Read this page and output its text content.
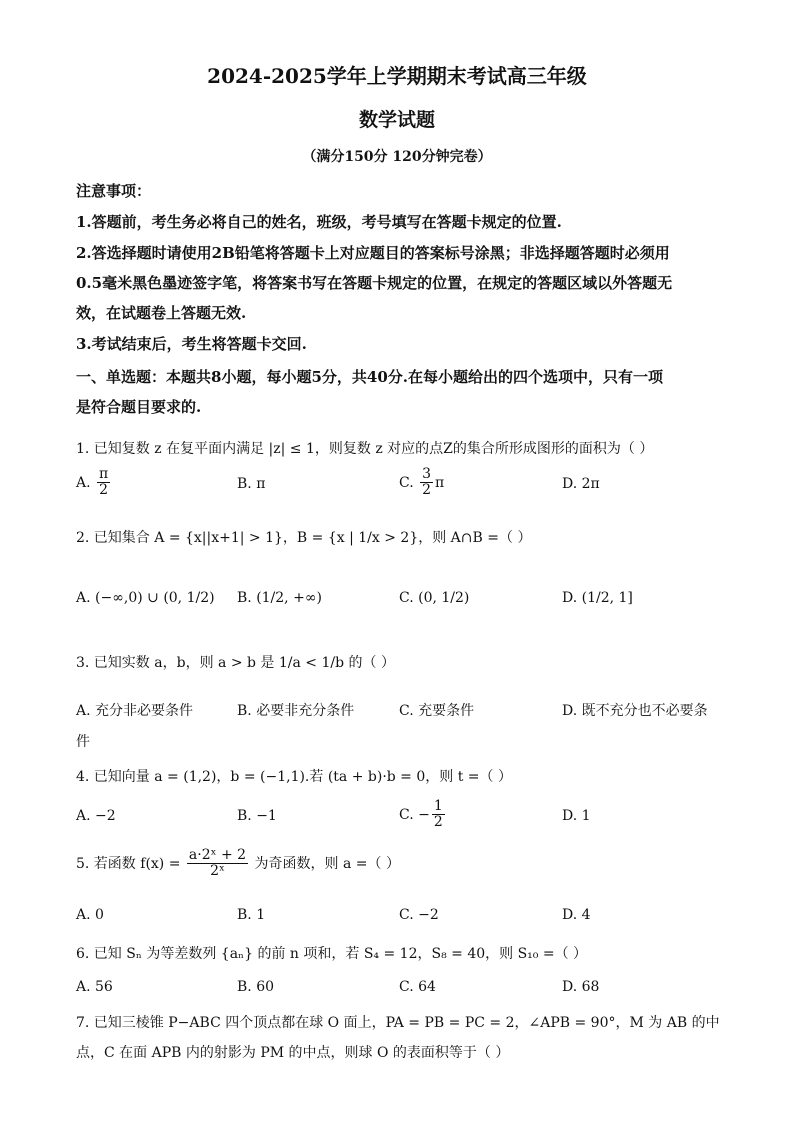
2024-2025学年上学期期末考试高三年级
数学试题
（满分150分 120分钟完卷）
注意事项：
1.答题前，考生务必将自己的姓名，班级，考号填写在答题卡规定的位置.
2.答选择题时请使用2B铅笔将答题卡上对应题目的答案标号涂黑；非选择题答题时必须用
0.5毫米黑色墨迹签字笔，将答案书写在答题卡规定的位置，在规定的答题区域以外答题无
效，在试题卷上答题无效.
3.考试结束后，考生将答题卡交回.
一、单选题：本题共8小题，每小题5分，共40分.在每小题给出的四个选项中，只有一项
是符合题目要求的.
1. 已知复数 z 在复平面内满足 |z| ≤ 1，则复数 z 对应的点Z的集合所形成图形的面积为（ ）
A. $\frac{\pi}{2}$	B. π	C. $\frac{3}{2}$ π	D. 2π
2. 已知集合 A = {x||x+1| > 1}，B = {x | 1/x > 2}，则 A∩B =（ ）
A. (−∞,0) ∪ (0, 1/2) B. (1/2, +∞)	C. (0, 1/2)	D. (1/2, 1]
3. 已知实数 a，b，则 a > b 是 1/a < 1/b 的（ ）
A. 充分非必要条件	B. 必要非充分条件	C. 充要条件	D. 既不充分也不必要条
件
4. 已知向量 a = (1,2)，b = (−1,1).若 (ta + b)·b = 0，则 t =（ ）
A. −2	B. −1	C. − $\frac{1}{2}$	D. 1
5. 若函数 $f(x) = \frac{\text{a·2ˣ + 2}}{\text{2ˣ}}$ 为奇函数，则 a =（ ）
A. 0	B. 1	C. −2	D. 4
6. 已知 Sₙ 为等差数列 {aₙ} 的前 n 项和，若 S₄ = 12，S₈ = 40，则 S₁₀ =（ ）
A. 56	B. 60	C. 64	D. 68
7. 已知三棱锥 P−ABC 四个顶点都在球 O 面上，PA = PB = PC = 2，∠APB = 90°，M 为 AB 的中
点，C 在面 APB 内的射影为 PM 的中点，则球 O 的表面积等于（ ）
